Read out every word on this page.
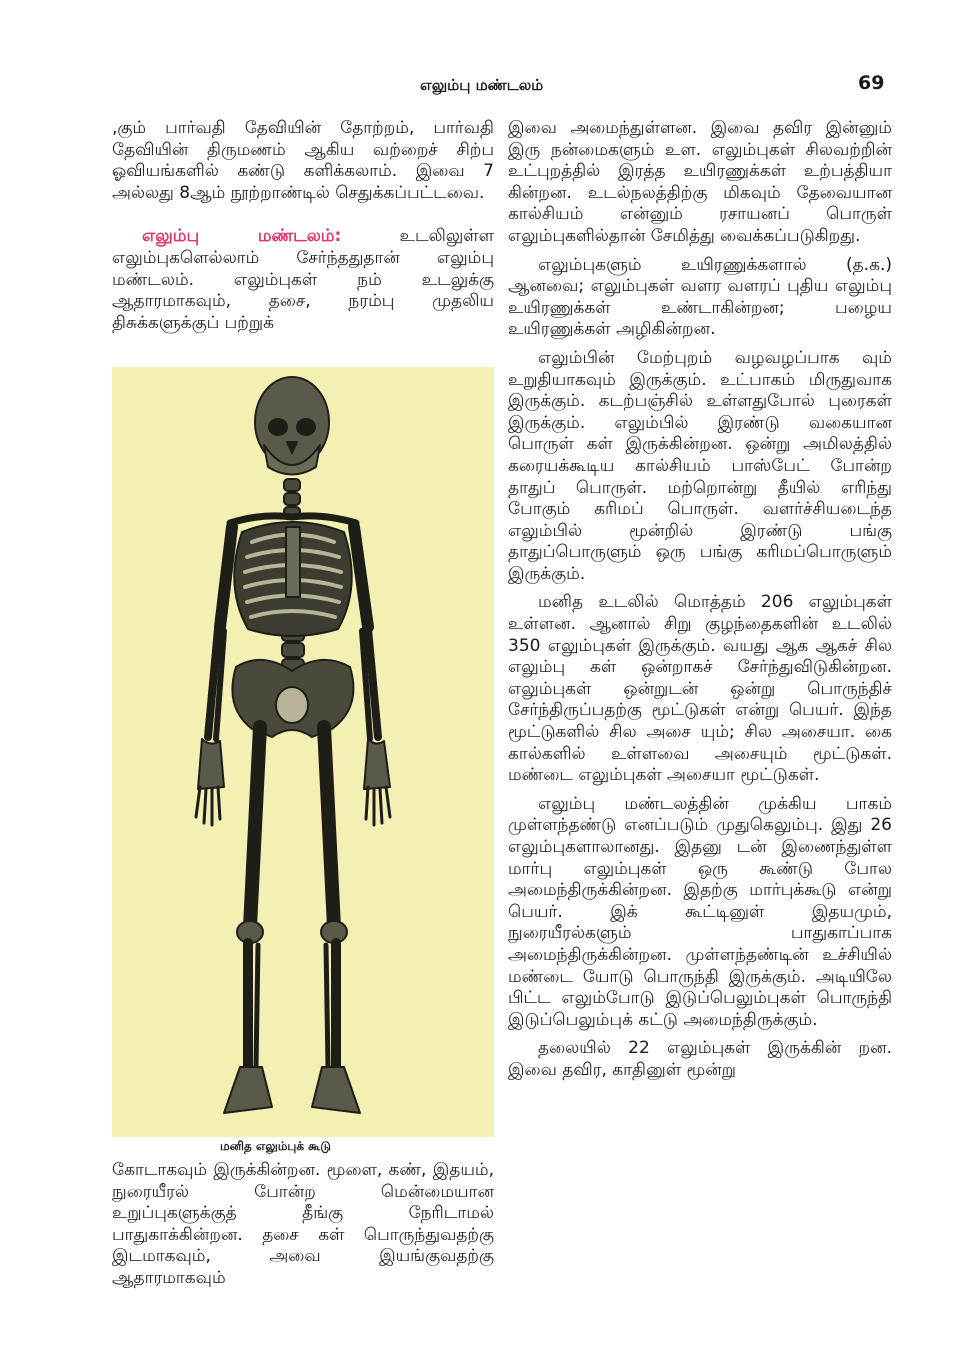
எலும்பு மண்டலம்	69

,கும் பார்வதி தேவியின் தோற்றம், பார்வதி தேவியின் திருமணம் ஆகிய வற்றைச் சிற்ப ஓவியங்களில் கண்டு களிக்கலாம். இவை 7 அல்லது 8ஆம் நூற்றாண்டில் செதுக்கப்பட்டவை.

எலும்பு மண்டலம்: உடலிலுள்ள எலும்புகளெல்லாம் சேர்ந்ததுதான் எலும்பு மண்டலம். எலும்புகள் நம் உடலுக்கு ஆதாரமாகவும், தசை, நரம்பு முதலிய திசுக்களுக்குப் பற்றுக்

மனித எலும்புக் கூடு

கோடாகவும் இருக்கின்றன. மூளை, கண், இதயம், நுரையீரல் போன்ற மென்மையான உறுப்புகளுக்குத் தீங்கு நேரிடாமல் பாதுகாக்கின்றன. தசை கள் பொருந்துவதற்கு இடமாகவும், அவை இயங்குவதற்கு ஆதாரமாகவும்

இவை அமைந்துள்ளன. இவை தவிர இன்னும் இரு நன்மைகளும் உள. எலும்புகள் சிலவற்றின் உட்புறத்தில் இரத்த உயிரணுக்கள் உற்பத்தியா கின்றன. உடல்நலத்திற்கு மிகவும் தேவையான கால்சியம் என்னும் ரசாயனப் பொருள் எலும்புகளில்தான் சேமித்து வைக்கப்படுகிறது.

எலும்புகளும் உயிரணுக்களால் (த.க.) ஆனவை; எலும்புகள் வளர வளரப் புதிய எலும்பு உயிரணுக்கள் உண்டாகின்றன; பழைய உயிரணுக்கள் அழிகின்றன.

எலும்பின் மேற்புறம் வழவழப்பாக வும் உறுதியாகவும் இருக்கும். உட்பாகம் மிருதுவாக இருக்கும். கடற்பஞ்சில் உள்ளதுபோல் புரைகள் இருக்கும். எலும்பில் இரண்டு வகையான பொருள் கள் இருக்கின்றன. ஒன்று அமிலத்தில் கரையக்கூடிய கால்சியம் பாஸ்பேட் போன்ற தாதுப் பொருள். மற்றொன்று தீயில் எரிந்து போகும் கரிமப் பொருள். வளர்ச்சியடைந்த எலும்பில் மூன்றில் இரண்டு பங்கு தாதுப்பொருளும் ஒரு பங்கு கரிமப்பொருளும் இருக்கும்.

மனித உடலில் மொத்தம் 206 எலும்புகள் உள்ளன. ஆனால் சிறு குழந்தைகளின் உடலில் 350 எலும்புகள் இருக்கும். வயது ஆக ஆகச் சில எலும்பு கள் ஒன்றாகச் சேர்ந்துவிடுகின்றன. எலும்புகள் ஒன்றுடன் ஒன்று பொருந்திச் சேர்ந்திருப்பதற்கு மூட்டுகள் என்று பெயர். இந்த மூட்டுகளில் சில அசை யும்; சில அசையா. கை கால்களில் உள்ளவை அசையும் மூட்டுகள். மண்டை எலும்புகள் அசையா மூட்டுகள்.

எலும்பு மண்டலத்தின் முக்கிய பாகம் முள்ளந்தண்டு எனப்படும் முதுகெலும்பு. இது 26 எலும்புகளாலானது. இதனு டன் இணைந்துள்ள மார்பு எலும்புகள் ஒரு கூண்டு போல அமைந்திருக்கின்றன. இதற்கு மார்புக்கூடு என்று பெயர். இக் கூட்டினுள் இதயமும், நுரையீரல்களும் பாதுகாப்பாக அமைந்திருக்கின்றன. முள்ளந்தண்டின் உச்சியில் மண்டை யோடு பொருந்தி இருக்கும். அடியிலே பிட்ட எலும்போடு இடுப்பெலும்புகள் பொருந்தி இடுப்பெலும்புக் கட்டு அமைந்திருக்கும்.

தலையில் 22 எலும்புகள் இருக்கின் றன. இவை தவிர, காதினுள் மூன்று
